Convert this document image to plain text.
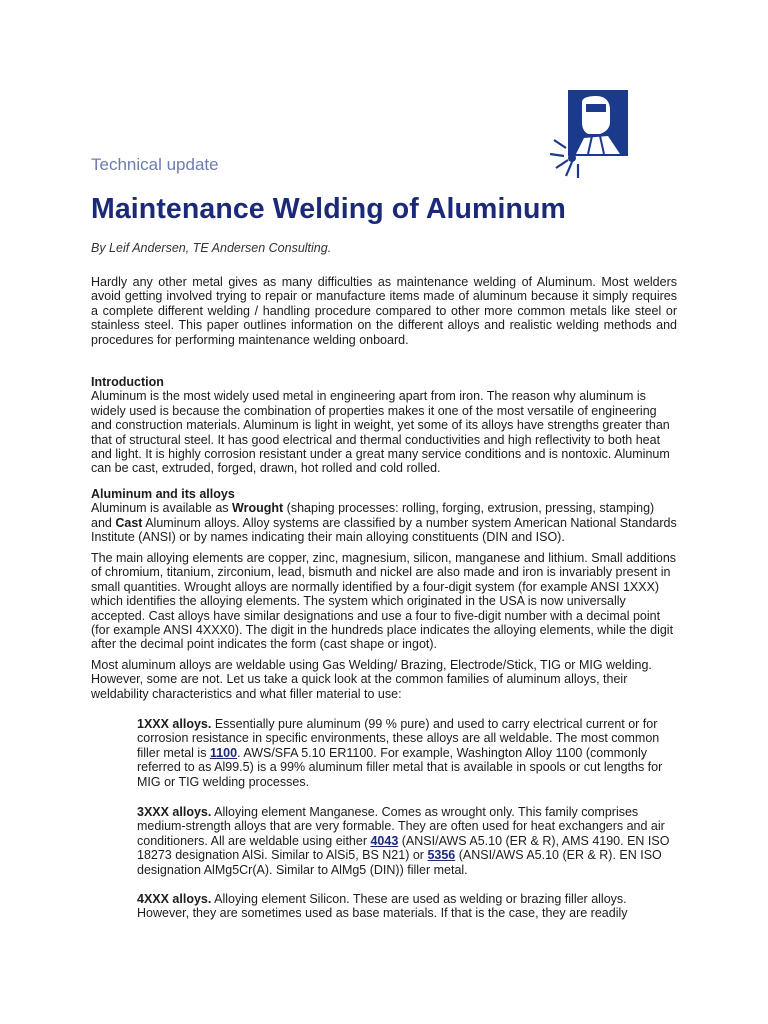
Technical update
Maintenance Welding of Aluminum
By Leif Andersen, TE Andersen Consulting.

Hardly any other metal gives as many difficulties as maintenance welding of Aluminum. Most welders avoid getting involved trying to repair or manufacture items made of aluminum because it simply requires a complete different welding / handling procedure compared to other more common metals like steel or stainless steel. This paper outlines information on the different alloys and realistic welding methods and procedures for performing maintenance welding onboard.

Introduction
Aluminum is the most widely used metal in engineering apart from iron. The reason why aluminum is widely used is because the combination of properties makes it one of the most versatile of engineering and construction materials. Aluminum is light in weight, yet some of its alloys have strengths greater than that of structural steel. It has good electrical and thermal conductivities and high reflectivity to both heat and light. It is highly corrosion resistant under a great many service conditions and is nontoxic. Aluminum can be cast, extruded, forged, drawn, hot rolled and cold rolled.
Aluminum and its alloys
Aluminum is available as Wrought (shaping processes: rolling, forging, extrusion, pressing, stamping) and Cast Aluminum alloys. Alloy systems are classified by a number system American National Standards Institute (ANSI) or by names indicating their main alloying constituents (DIN and ISO).

The main alloying elements are copper, zinc, magnesium, silicon, manganese and lithium. Small additions of chromium, titanium, zirconium, lead, bismuth and nickel are also made and iron is invariably present in small quantities. Wrought alloys are normally identified by a four-digit system (for example ANSI 1XXX) which identifies the alloying elements. The system which originated in the USA is now universally accepted. Cast alloys have similar designations and use a four to five-digit number with a decimal point (for example ANSI 4XXX0). The digit in the hundreds place indicates the alloying elements, while the digit after the decimal point indicates the form (cast shape or ingot).

Most aluminum alloys are weldable using Gas Welding/ Brazing, Electrode/Stick, TIG or MIG welding. However, some are not. Let us take a quick look at the common families of aluminum alloys, their weldability characteristics and what filler material to use:

1XXX alloys. Essentially pure aluminum (99 % pure) and used to carry electrical current or for corrosion resistance in specific environments, these alloys are all weldable. The most common filler metal is 1100. AWS/SFA 5.10 ER1100. For example, Washington Alloy 1100 (commonly referred to as Al99.5) is a 99% aluminum filler metal that is available in spools or cut lengths for MIG or TIG welding processes.

3XXX alloys. Alloying element Manganese. Comes as wrought only. This family comprises medium-strength alloys that are very formable. They are often used for heat exchangers and air conditioners. All are weldable using either 4043 (ANSI/AWS A5.10 (ER & R), AMS 4190. EN ISO 18273 designation AlSi. Similar to AlSi5, BS N21) or 5356 (ANSI/AWS A5.10 (ER & R). EN ISO designation AlMg5Cr(A). Similar to AlMg5 (DIN)) filler metal.

4XXX alloys. Alloying element Silicon. These are used as welding or brazing filler alloys. However, they are sometimes used as base materials. If that is the case, they are readily
